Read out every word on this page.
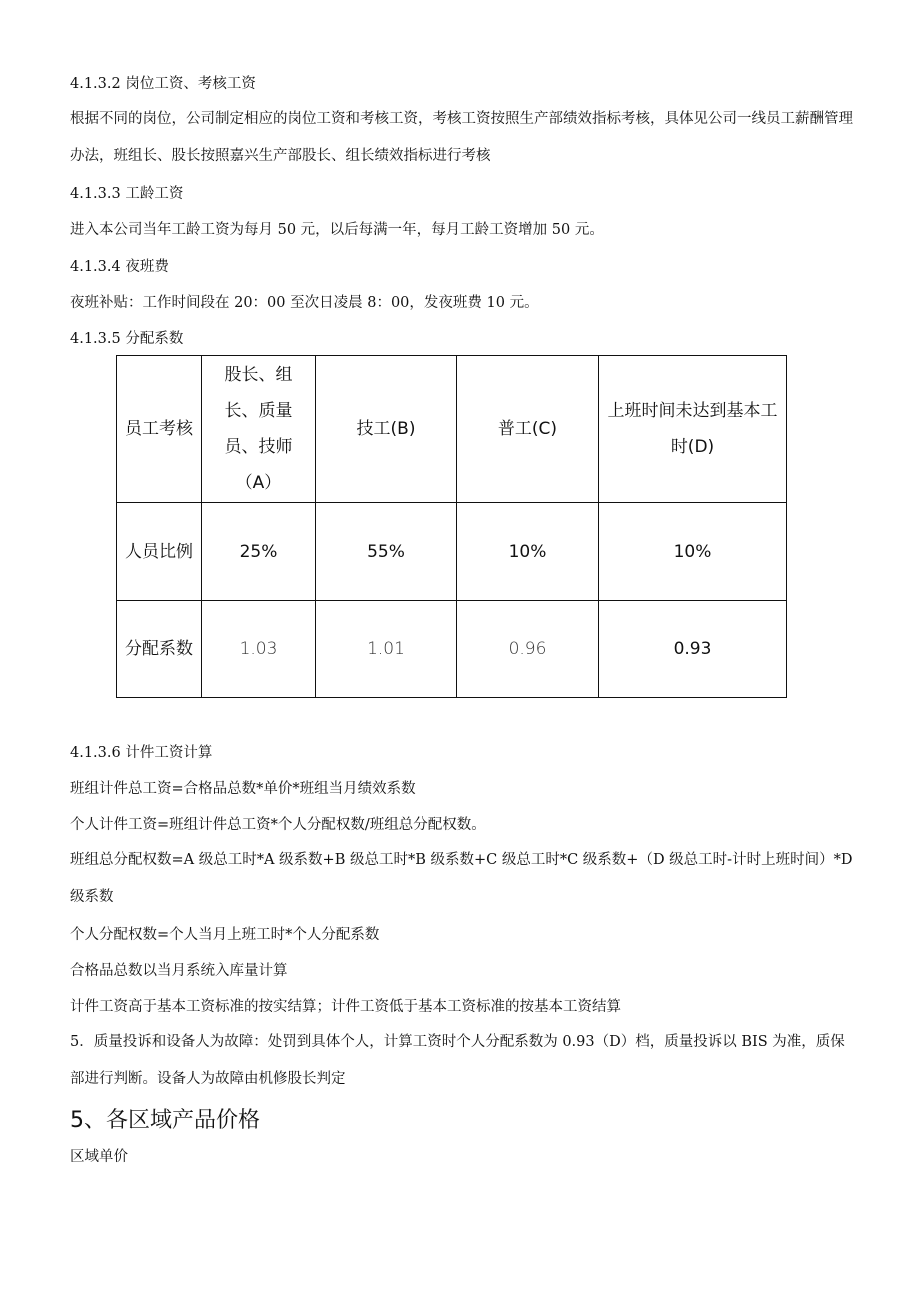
4.1.3.2 岗位工资、考核工资

根据不同的岗位，公司制定相应的岗位工资和考核工资，考核工资按照生产部绩效指标考核，具体见公司一线员工薪酬管理办法，班组长、股长按照嘉兴生产部股长、组长绩效指标进行考核

4.1.3.3 工龄工资

进入本公司当年工龄工资为每月 50 元，以后每满一年，每月工龄工资增加 50 元。

4.1.3.4 夜班费

夜班补贴：工作时间段在 20：00 至次日凌晨 8：00，发夜班费 10 元。

4.1.3.5 分配系数

员工考核	股长、组长、质量员、技师（A）	技工(B)	普工(C)	上班时间未达到基本工时(D)
人员比例	25%	55%	10%	10%
分配系数	1.03	1.01	0.96	0.93

4.1.3.6 计件工资计算

班组计件总工资=合格品总数*单价*班组当月绩效系数

个人计件工资=班组计件总工资*个人分配权数/班组总分配权数。

班组总分配权数=A 级总工时*A 级系数+B 级总工时*B 级系数+C 级总工时*C 级系数+（D 级总工时-计时上班时间）*D 级系数

个人分配权数=个人当月上班工时*个人分配系数

合格品总数以当月系统入库量计算

计件工资高于基本工资标准的按实结算；计件工资低于基本工资标准的按基本工资结算

5．质量投诉和设备人为故障：处罚到具体个人，计算工资时个人分配系数为 0.93（D）档，质量投诉以 BIS 为准，质保部进行判断。设备人为故障由机修股长判定

5、各区域产品价格

区域单价
